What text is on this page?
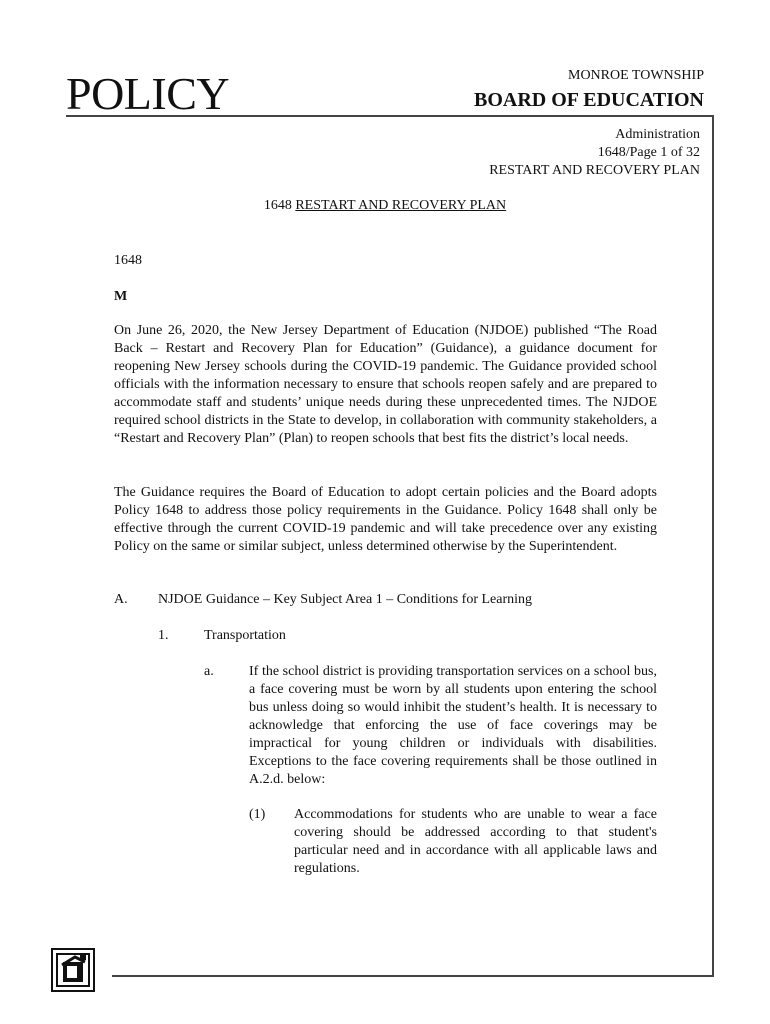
POLICY	MONROE TOWNSHIP
BOARD OF EDUCATION
Administration
1648/Page 1 of 32
RESTART AND RECOVERY PLAN
1648 RESTART AND RECOVERY PLAN
1648
M
On June 26, 2020, the New Jersey Department of Education (NJDOE) published “The Road Back – Restart and Recovery Plan for Education” (Guidance), a guidance document for reopening New Jersey schools during the COVID-19 pandemic. The Guidance provided school officials with the information necessary to ensure that schools reopen safely and are prepared to accommodate staff and students’ unique needs during these unprecedented times. The NJDOE required school districts in the State to develop, in collaboration with community stakeholders, a “Restart and Recovery Plan” (Plan) to reopen schools that best fits the district’s local needs.
The Guidance requires the Board of Education to adopt certain policies and the Board adopts Policy 1648 to address those policy requirements in the Guidance. Policy 1648 shall only be effective through the current COVID-19 pandemic and will take precedence over any existing Policy on the same or similar subject, unless determined otherwise by the Superintendent.
A. NJDOE Guidance – Key Subject Area 1 – Conditions for Learning
1.	Transportation
a.	If the school district is providing transportation services on a school bus, a face covering must be worn by all students upon entering the school bus unless doing so would inhibit the student’s health. It is necessary to acknowledge that enforcing the use of face coverings may be impractical for young children or individuals with disabilities. Exceptions to the face covering requirements shall be those outlined in A.2.d. below:
(1) Accommodations for students who are unable to wear a face covering should be addressed according to that student's particular need and in accordance with all applicable laws and regulations.
